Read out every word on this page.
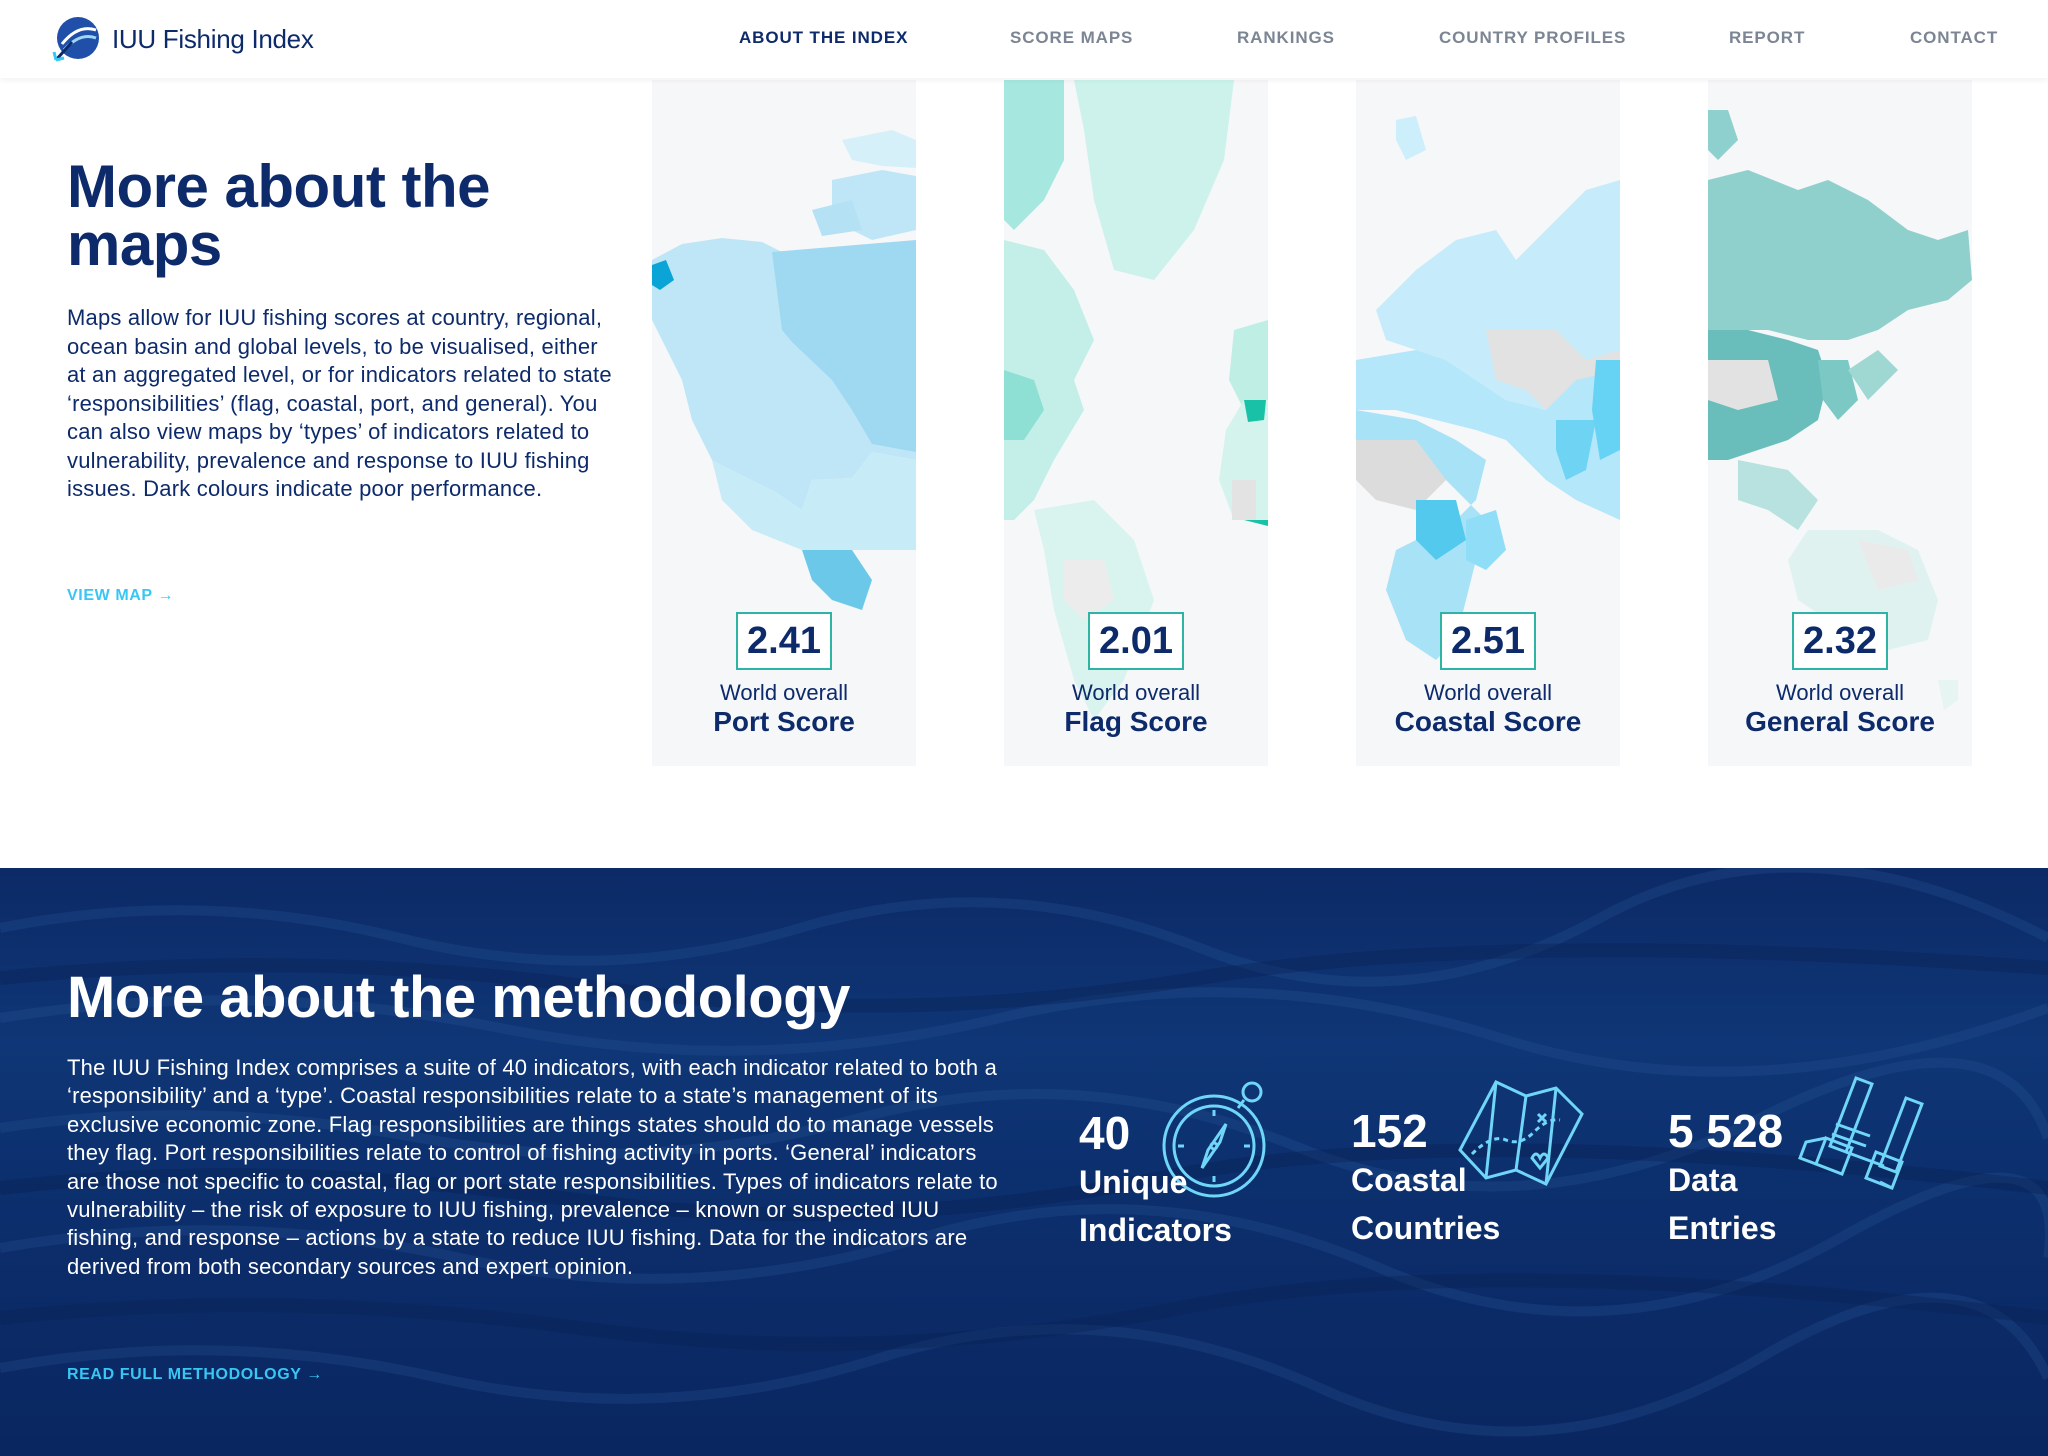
IUU Fishing Index	ABOUT THE INDEX	SCORE MAPS	RANKINGS	COUNTRY PROFILES	REPORT	CONTACT
More about the
maps

Maps allow for IUU fishing scores at country, regional, ocean basin and global levels, to be visualised, either at an aggregated level, or for indicators related to state ‘responsibilities’ (flag, coastal, port, and general). You can also view maps by ‘types’ of indicators related to vulnerability, prevalence and response to IUU fishing issues. Dark colours indicate poor performance.

VIEW MAP →
2.41
World overall
Port Score
2.01
World overall
Flag Score
2.51
World overall
Coastal Score
2.32
World overall
General Score
More about the methodology

The IUU Fishing Index comprises a suite of 40 indicators, with each indicator related to both a ‘responsibility’ and a ‘type’. Coastal responsibilities relate to a state’s management of its exclusive economic zone. Flag responsibilities are things states should do to manage vessels they flag. Port responsibilities relate to control of fishing activity in ports. ‘General’ indicators are those not specific to coastal, flag or port state responsibilities. Types of indicators relate to vulnerability – the risk of exposure to IUU fishing, prevalence – known or suspected IUU fishing, and response – actions by a state to reduce IUU fishing. Data for the indicators are derived from both secondary sources and expert opinion.

READ FULL METHODOLOGY →
40
Unique
Indicators
152
Coastal
Countries
5 528
Data
Entries
